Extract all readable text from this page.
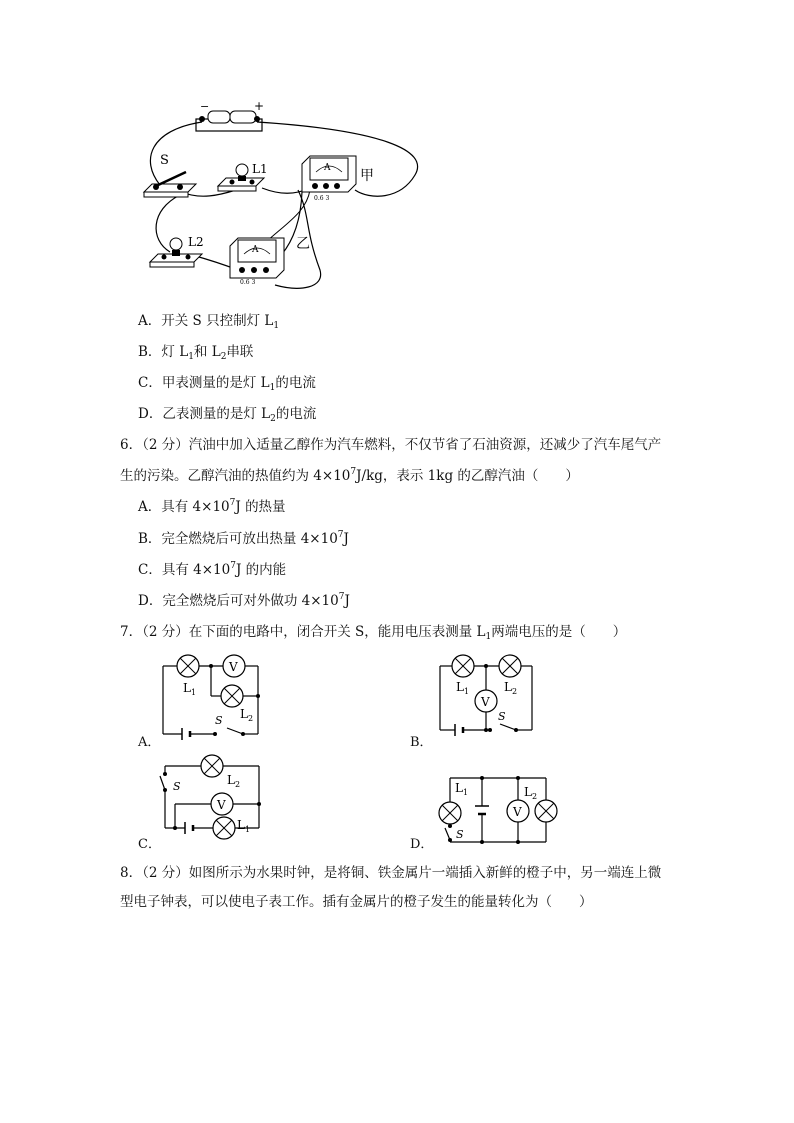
−	+
S
L1	A
0.6 3
甲
L2
A
0.6 3
乙
A．开关 S 只控制灯 $L_1$
B．灯 $L_1$和 $L_2$串联
C．甲表测量的是灯 $L_1$的电流
D．乙表测量的是灯 $L_2$的电流
6．（2 分）汽油中加入适量乙醇作为汽车燃料，不仅节省了石油资源，还减少了汽车尾气产
生的污染。乙醇汽油的热值约为 $4\times 10^7J/kg$，表示 1kg 的乙醇汽油（　　）
A．具有 $4\times 10^7J$ 的热量
B．完全燃烧后可放出热量 $4\times 10^7J$
C．具有 $4\times 10^7J$ 的内能
D．完全燃烧后可对外做功 $4\times 10^7J$
7．（2 分）在下面的电路中，闭合开关 S，能用电压表测量 $L_1$两端电压的是（　　）
A．
V
L 1
L 2
S
B．
V
L 1	L 2
S
C．
V
L 2
L 1
S
D．
V
L 1	L 2
S
8．（2 分）如图所示为水果时钟，是将铜、铁金属片一端插入新鲜的橙子中，另一端连上微
型电子钟表，可以使电子表工作。插有金属片的橙子发生的能量转化为（　　）
